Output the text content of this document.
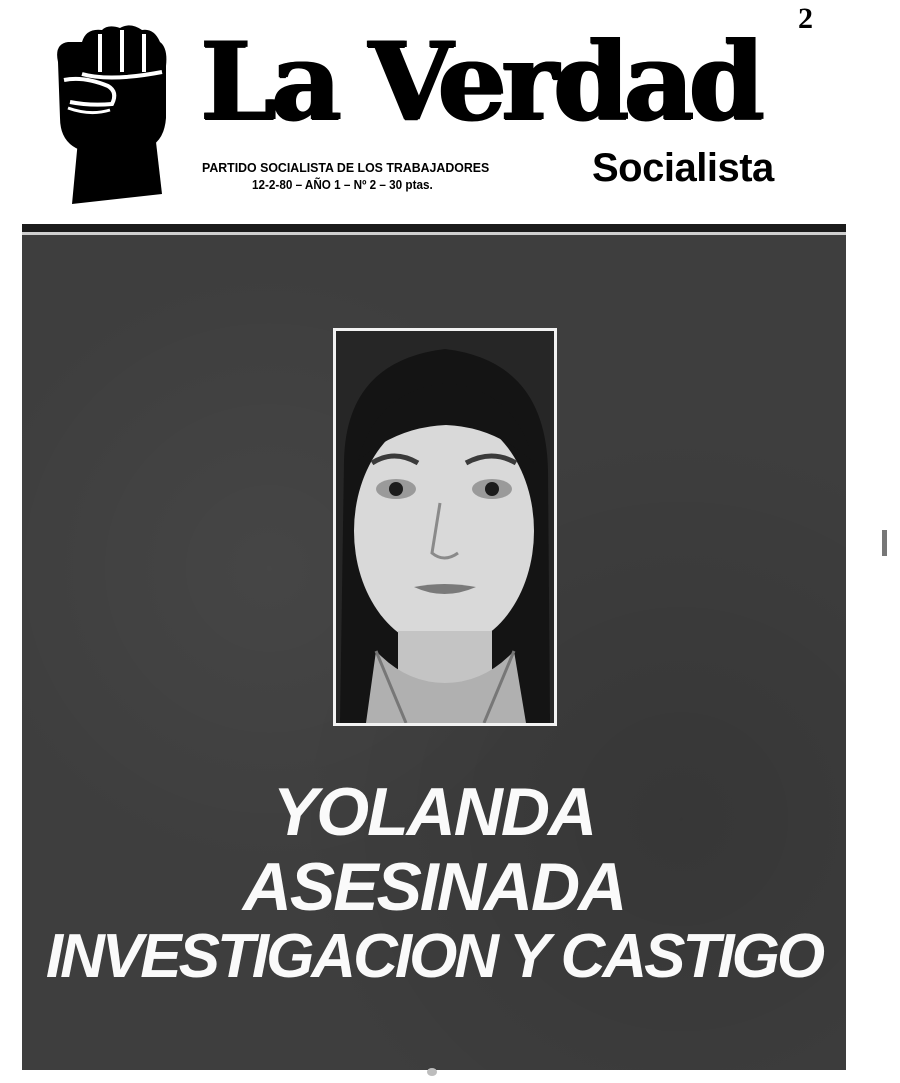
2
La Verdad
Socialista
PARTIDO SOCIALISTA DE LOS TRABAJADORES
12-2-80 – AÑO 1 – Nº 2 – 30 ptas.
YOLANDA
ASESINADA
INVESTIGACION Y CASTIGO
